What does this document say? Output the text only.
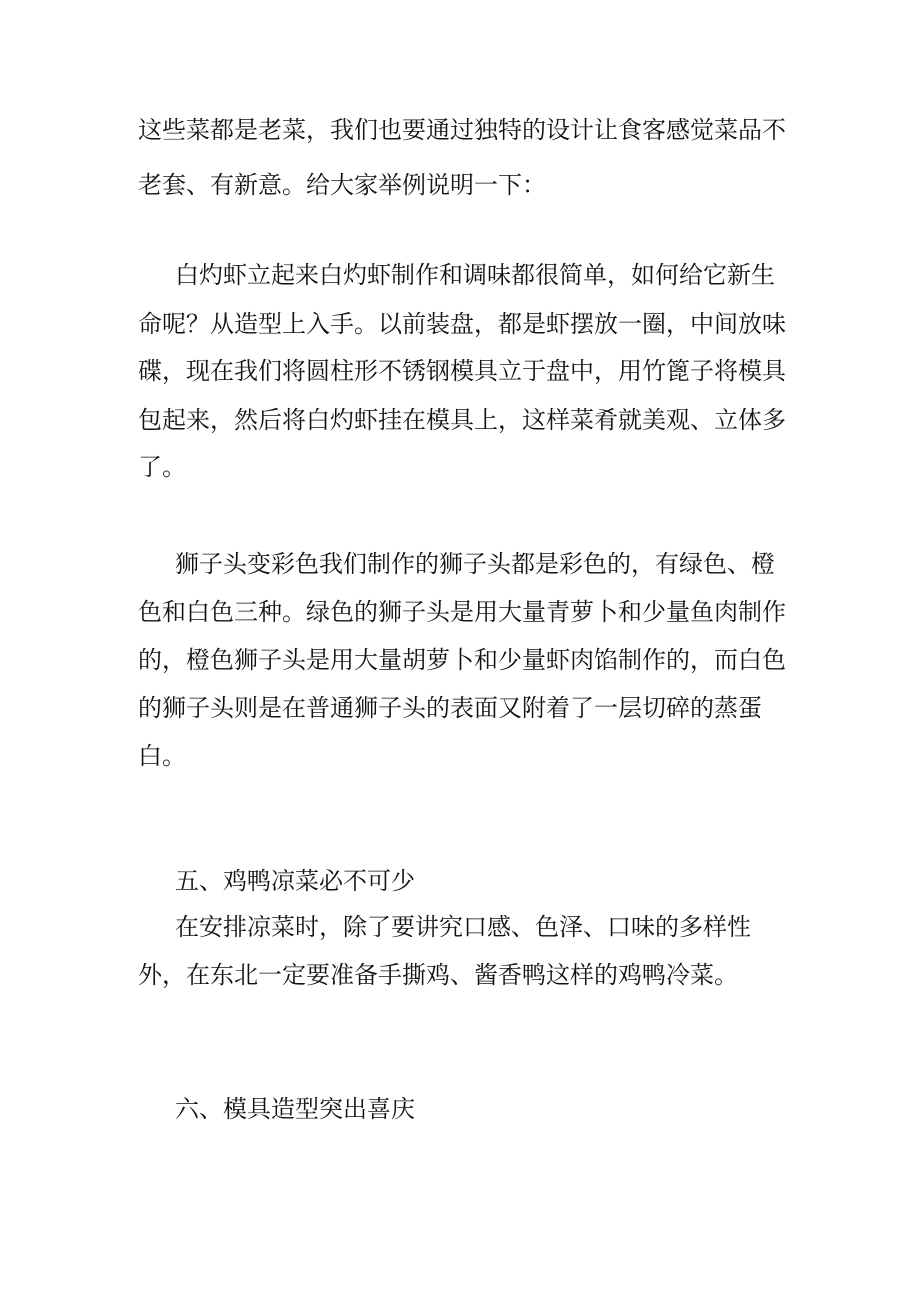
这些菜都是老菜，我们也要通过独特的设计让食客感觉菜品不
老套、有新意。给大家举例说明一下：
白灼虾立起来白灼虾制作和调味都很简单，如何给它新生
命呢？从造型上入手。以前装盘，都是虾摆放一圈，中间放味
碟，现在我们将圆柱形不锈钢模具立于盘中，用竹篦子将模具
包起来，然后将白灼虾挂在模具上，这样菜肴就美观、立体多
了。
狮子头变彩色我们制作的狮子头都是彩色的，有绿色、橙
色和白色三种。绿色的狮子头是用大量青萝卜和少量鱼肉制作
的，橙色狮子头是用大量胡萝卜和少量虾肉馅制作的，而白色
的狮子头则是在普通狮子头的表面又附着了一层切碎的蒸蛋
白。
五、鸡鸭凉菜必不可少
在安排凉菜时，除了要讲究口感、色泽、口味的多样性
外，在东北一定要准备手撕鸡、酱香鸭这样的鸡鸭冷菜。
六、模具造型突出喜庆
